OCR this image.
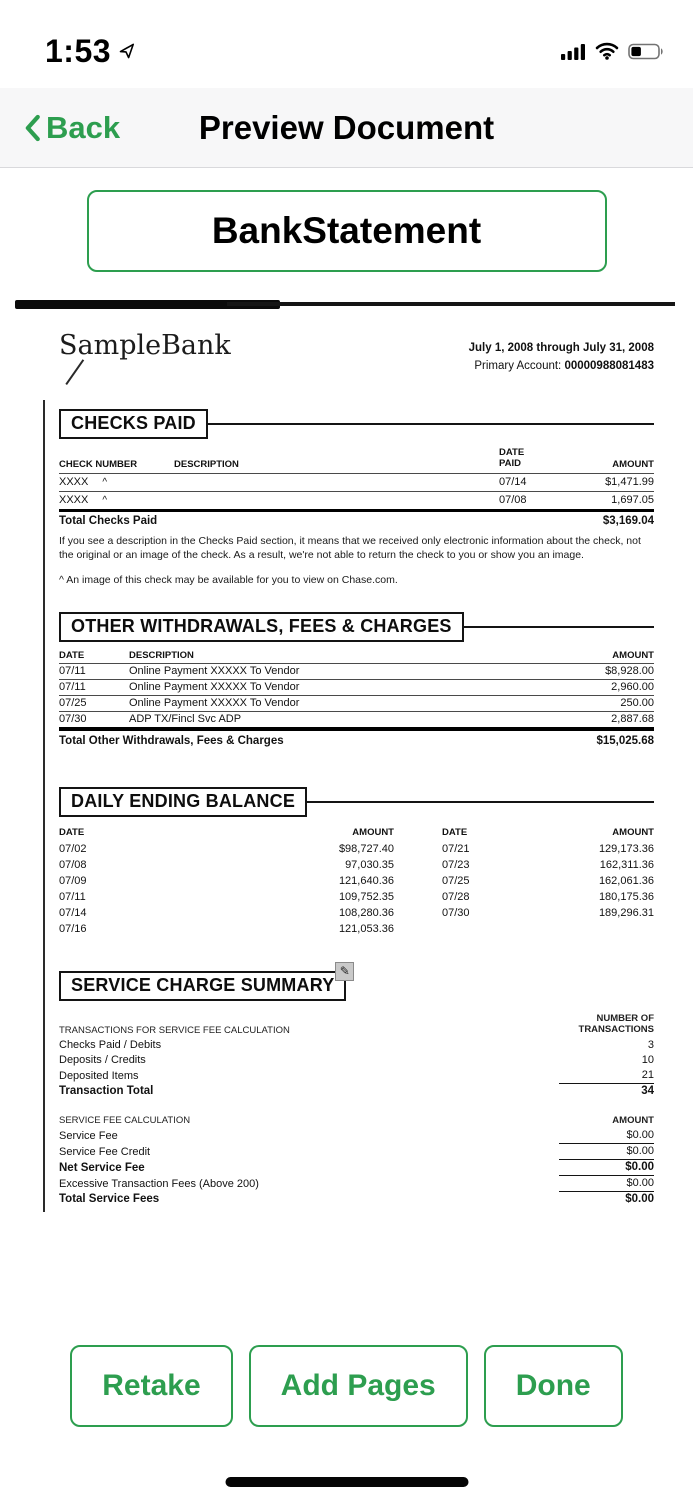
1:53
Preview Document
Back
BankStatement
SampleBank	July 1, 2008 through July 31, 2008
Primary Account: 00000988081483
CHECKS PAID
CHECK NUMBER	DESCRIPTION
DATE
PAID	AMOUNT
XXXX ^	07/14	$1,471.99
XXXX ^	07/08	1,697.05
Total Checks Paid	$3,169.04

If you see a description in the Checks Paid section, it means that we received only electronic information about the check, not the original or an image of the check. As a result, we're not able to return the check to you or show you an image.

^ An image of this check may be available for you to view on Chase.com.

OTHER WITHDRAWALS, FEES & CHARGES
DATE	DESCRIPTION	AMOUNT
07/11	Online Payment XXXXX To Vendor	$8,928.00
07/11	Online Payment XXXXX To Vendor	2,960.00
07/25	Online Payment XXXXX To Vendor	250.00
07/30	ADP TX/Fincl Svc ADP	2,887.68
Total Other Withdrawals, Fees & Charges	$15,025.68
DAILY ENDING BALANCE
DATE	AMOUNT
07/02	$98,727.40
07/08	97,030.35
07/09	121,640.36
07/11	109,752.35
07/14	108,280.36
07/16	121,053.36
DATE	AMOUNT
07/21	129,173.36
07/23	162,311.36
07/25	162,061.36
07/28	180,175.36
07/30	189,296.31
SERVICE CHARGE SUMMARY
✎
TRANSACTIONS FOR SERVICE FEE CALCULATION
NUMBER OF
TRANSACTIONS
Checks Paid / Debits	3
Deposits / Credits	10
Deposited Items	21
Transaction Total	34
SERVICE FEE CALCULATION	AMOUNT
Service Fee	$0.00
Service Fee Credit	$0.00
Net Service Fee	$0.00
Excessive Transaction Fees (Above 200)	$0.00
Total Service Fees	$0.00
Retake	Add Pages	Done
